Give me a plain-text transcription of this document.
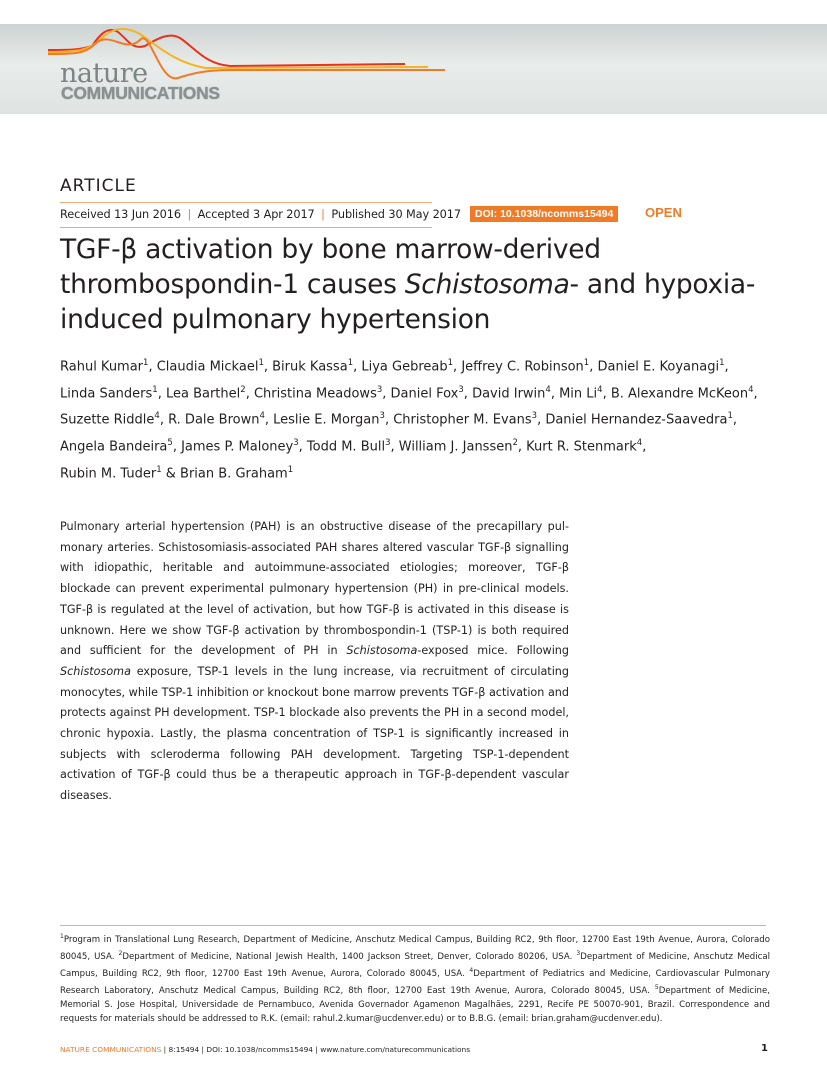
nature
COMMUNICATIONS
ARTICLE
Received 13 Jun 2016 | Accepted 3 Apr 2017 | Published 30 May 2017	DOI: 10.1038/ncomms15494	OPEN
TGF-β activation by bone marrow-derived thrombospondin-1 causes Schistosoma- and hypoxia-induced pulmonary hypertension
Rahul Kumar$^1$, Claudia Mickael$^1$, Biruk Kassa$^1$, Liya Gebreab$^1$, Jeffrey C. Robinson$^1$, Daniel E. Koyanagi$^1$,
Linda Sanders$^1$, Lea Barthel$^2$, Christina Meadows$^3$, Daniel Fox$^3$, David Irwin$^4$, Min Li$^4$, B. Alexandre McKeon$^4$,
Suzette Riddle$^4$, R. Dale Brown$^4$, Leslie E. Morgan$^3$, Christopher M. Evans$^3$, Daniel Hernandez-Saavedra$^1$,
Angela Bandeira$^5$, James P. Maloney$^3$, Todd M. Bull$^3$, William J. Janssen$^2$, Kurt R. Stenmark$^4$,
Rubin M. Tuder$^1$ & Brian B. Graham$^1$

Pulmonary arterial hypertension (PAH) is an obstructive disease of the precapillary pul-monary arteries. Schistosomiasis-associated PAH shares altered vascular TGF-β signalling with idiopathic, heritable and autoimmune-associated etiologies; moreover, TGF-β blockade can prevent experimental pulmonary hypertension (PH) in pre-clinical models. TGF-β is regulated at the level of activation, but how TGF-β is activated in this disease is unknown. Here we show TGF-β activation by thrombospondin-1 (TSP-1) is both required and sufficient for the development of PH in Schistosoma-exposed mice. Following Schistosoma exposure, TSP-1 levels in the lung increase, via recruitment of circulating monocytes, while TSP-1 inhibition or knockout bone marrow prevents TGF-β activation and protects against PH development. TSP-1 blockade also prevents the PH in a second model, chronic hypoxia. Lastly, the plasma concentration of TSP-1 is significantly increased in subjects with scleroderma following PAH development. Targeting TSP-1-dependent activation of TGF-β could thus be a therapeutic approach in TGF-β-dependent vascular diseases.

$^1$Program in Translational Lung Research, Department of Medicine, Anschutz Medical Campus, Building RC2, 9th floor, 12700 East 19th Avenue, Aurora, Colorado 80045, USA. $^2$Department of Medicine, National Jewish Health, 1400 Jackson Street, Denver, Colorado 80206, USA. $^3$Department of Medicine, Anschutz Medical Campus, Building RC2, 9th floor, 12700 East 19th Avenue, Aurora, Colorado 80045, USA. $^4$Department of Pediatrics and Medicine, Cardiovascular Pulmonary Research Laboratory, Anschutz Medical Campus, Building RC2, 8th floor, 12700 East 19th Avenue, Aurora, Colorado 80045, USA. $^5$Department of Medicine, Memorial S. Jose Hospital, Universidade de Pernambuco, Avenida Governador Agamenon Magalhães, 2291, Recife PE 50070-901, Brazil. Correspondence and requests for materials should be addressed to R.K. (email: rahul.2.kumar@ucdenver.edu) or to B.B.G. (email: brian.graham@ucdenver.edu).
NATURE COMMUNICATIONS | 8:15494 | DOI: 10.1038/ncomms15494 | www.nature.com/naturecommunications	1
